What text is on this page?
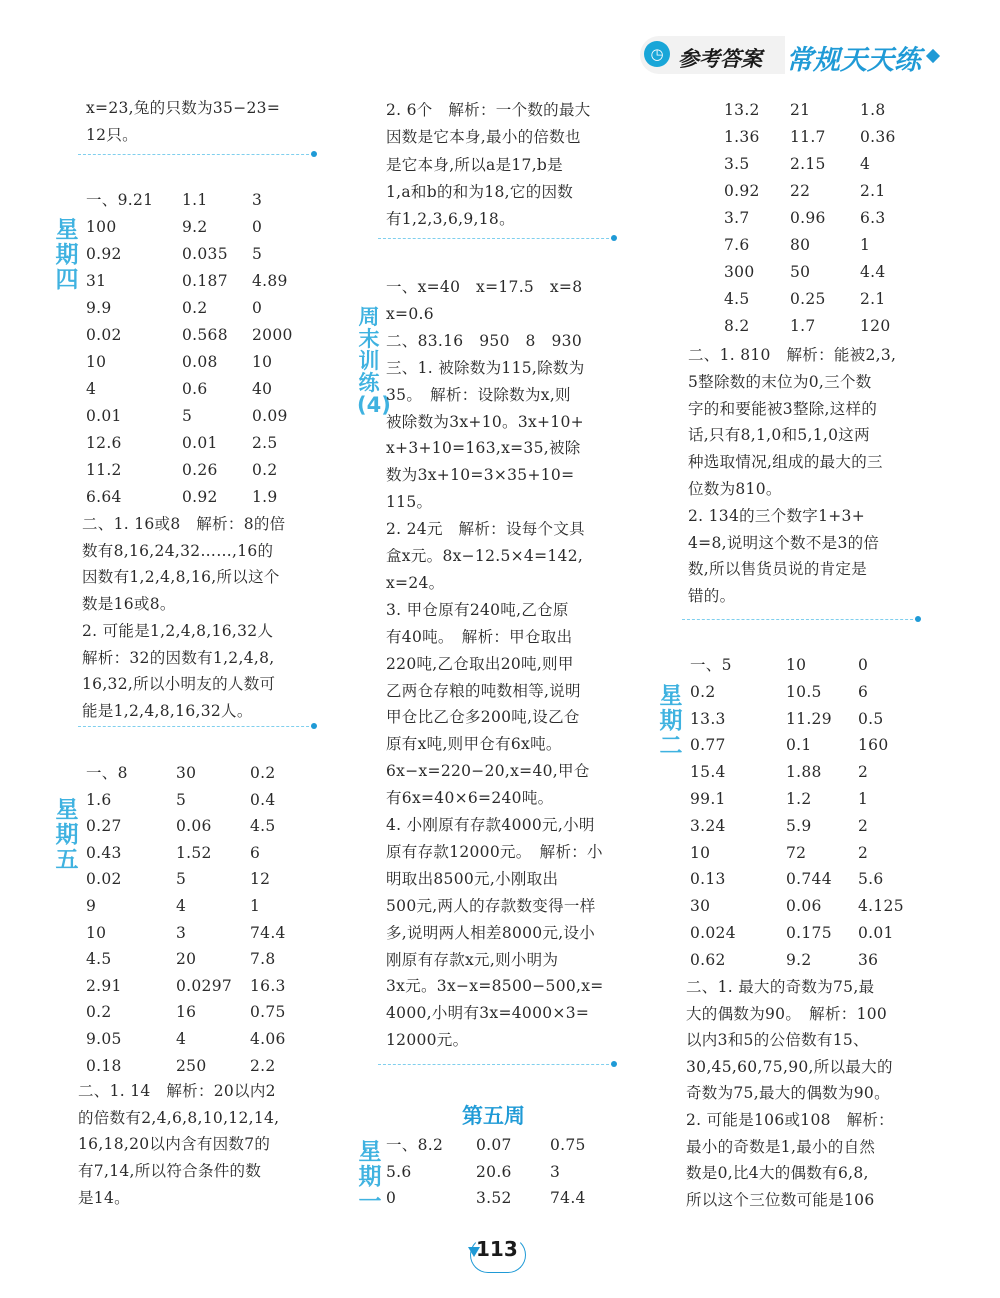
◷ 参考答案 常规天天练
星期四
星期五
周末训练(4)
星期一
星期二
x=23,兔的只数为35−23=
12只。
一、9.21 1.1	3
100	9.2	0
0.92	0.035 5
31	0.187 4.89
9.9	0.2	0
0.02	0.568 2000
10	0.08 10
4	0.6	40
0.01	5	0.09
12.6	0.01 2.5
11.2	0.26 0.2
6.64	0.92 1.9
二、1. 16或8　解析：8的倍
数有8,16,24,32……,16的
因数有1,2,4,8,16,所以这个
数是16或8。
2. 可能是1,2,4,8,16,32人
解析：32的因数有1,2,4,8,
16,32,所以小明友的人数可
能是1,2,4,8,16,32人。
一、8	30	0.2
1.6	5	0.4
0.27	0.06 4.5
0.43	1.52 6
0.02	5	12
9	4	1
10	3	74.4
4.5	20	7.8
2.91	0.0297 16.3
0.2	16	0.75
9.05	4	4.06
0.18	250	2.2
二、1. 14　解析：20以内2
的倍数有2,4,6,8,10,12,14,
16,18,20以内含有因数7的
有7,14,所以符合条件的数
是14。
2. 6个　解析：一个数的最大
因数是它本身,最小的倍数也
是它本身,所以a是17,b是
1,a和b的和为18,它的因数
有1,2,3,6,9,18。
一、x=40　x=17.5　x=8
x=0.6
二、83.16　950　8　930
三、1. 被除数为115,除数为
35。　解析：设除数为x,则
被除数为3x+10。3x+10+
x+3+10=163,x=35,被除
数为3x+10=3×35+10=
115。
2. 24元　解析：设每个文具
盒x元。8x−12.5×4=142,
x=24。
3. 甲仓原有240吨,乙仓原
有40吨。　解析：甲仓取出
220吨,乙仓取出20吨,则甲
乙两仓存粮的吨数相等,说明
甲仓比乙仓多200吨,设乙仓
原有x吨,则甲仓有6x吨。
6x−x=220−20,x=40,甲仓
有6x=40×6=240吨。
4. 小刚原有存款4000元,小明
原有存款12000元。　解析：小
明取出8500元,小刚取出
500元,两人的存款数变得一样
多,说明两人相差8000元,设小
刚原有存款x元,则小明为
3x元。3x−x=8500−500,x=
4000,小明有3x=4000×3=
12000元。
一、8.2 0.07 0.75
5.6	20.6 3
0	3.52 74.4
13.2 21	1.8
1.36 11.7 0.36
3.5	2.15 4
0.92 22	2.1
3.7	0.96 6.3
7.6	80	1
300 50	4.4
4.5	0.25 2.1
8.2	1.7	120
二、1. 810　解析：能被2,3,
5整除数的末位为0,三个数
字的和要能被3整除,这样的
话,只有8,1,0和5,1,0这两
种选取情况,组成的最大的三
位数为810。
2. 134的三个数字1+3+
4=8,说明这个数不是3的倍
数,所以售货员说的肯定是
错的。
一、5	10	0
0.2	10.5 6
13.3	11.29 0.5
0.77	0.1	160
15.4	1.88 2
99.1	1.2	1
3.24	5.9	2
10	72	2
0.13	0.744 5.6
30	0.06 4.125
0.024	0.175 0.01
0.62	9.2	36
二、1. 最大的奇数为75,最
大的偶数为90。　解析：100
以内3和5的公倍数有15、
30,45,60,75,90,所以最大的
奇数为75,最大的偶数为90。
2. 可能是106或108　解析：
最小的奇数是1,最小的自然
数是0,比4大的偶数有6,8,
所以这个三位数可能是106
第五周
113
